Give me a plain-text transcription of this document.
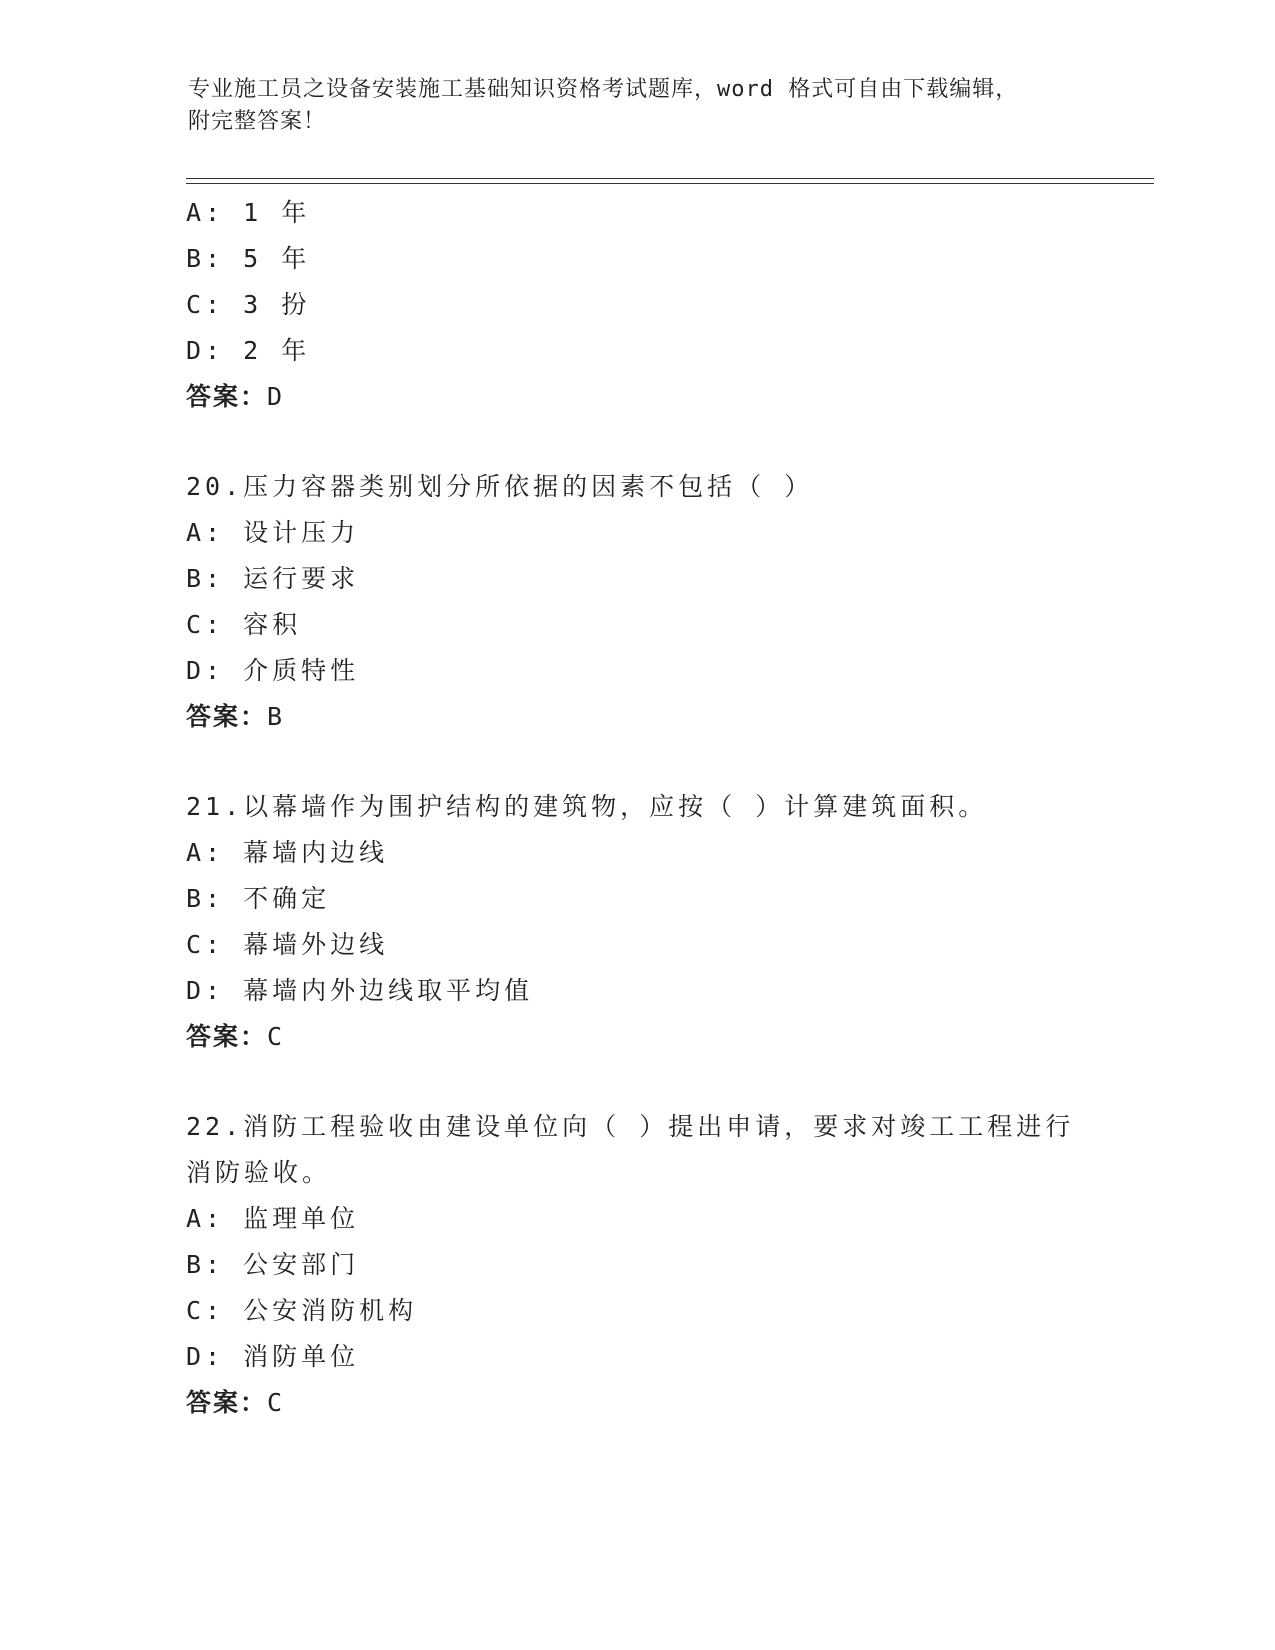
专业施工员之设备安装施工基础知识资格考试题库，word 格式可自由下载编辑，
附完整答案！
A: 1 年
B: 5 年
C: 3 扮
D: 2 年
答案：D
20.压力容器类别划分所依据的因素不包括（ ）
A: 设计压力
B: 运行要求
C: 容积
D: 介质特性
答案：B
21.以幕墙作为围护结构的建筑物，应按（ ）计算建筑面积。
A: 幕墙内边线
B: 不确定
C: 幕墙外边线
D: 幕墙内外边线取平均值
答案：C
22.消防工程验收由建设单位向（ ）提出申请，要求对竣工工程进行
消防验收。
A: 监理单位
B: 公安部门
C: 公安消防机构
D: 消防单位
答案：C
